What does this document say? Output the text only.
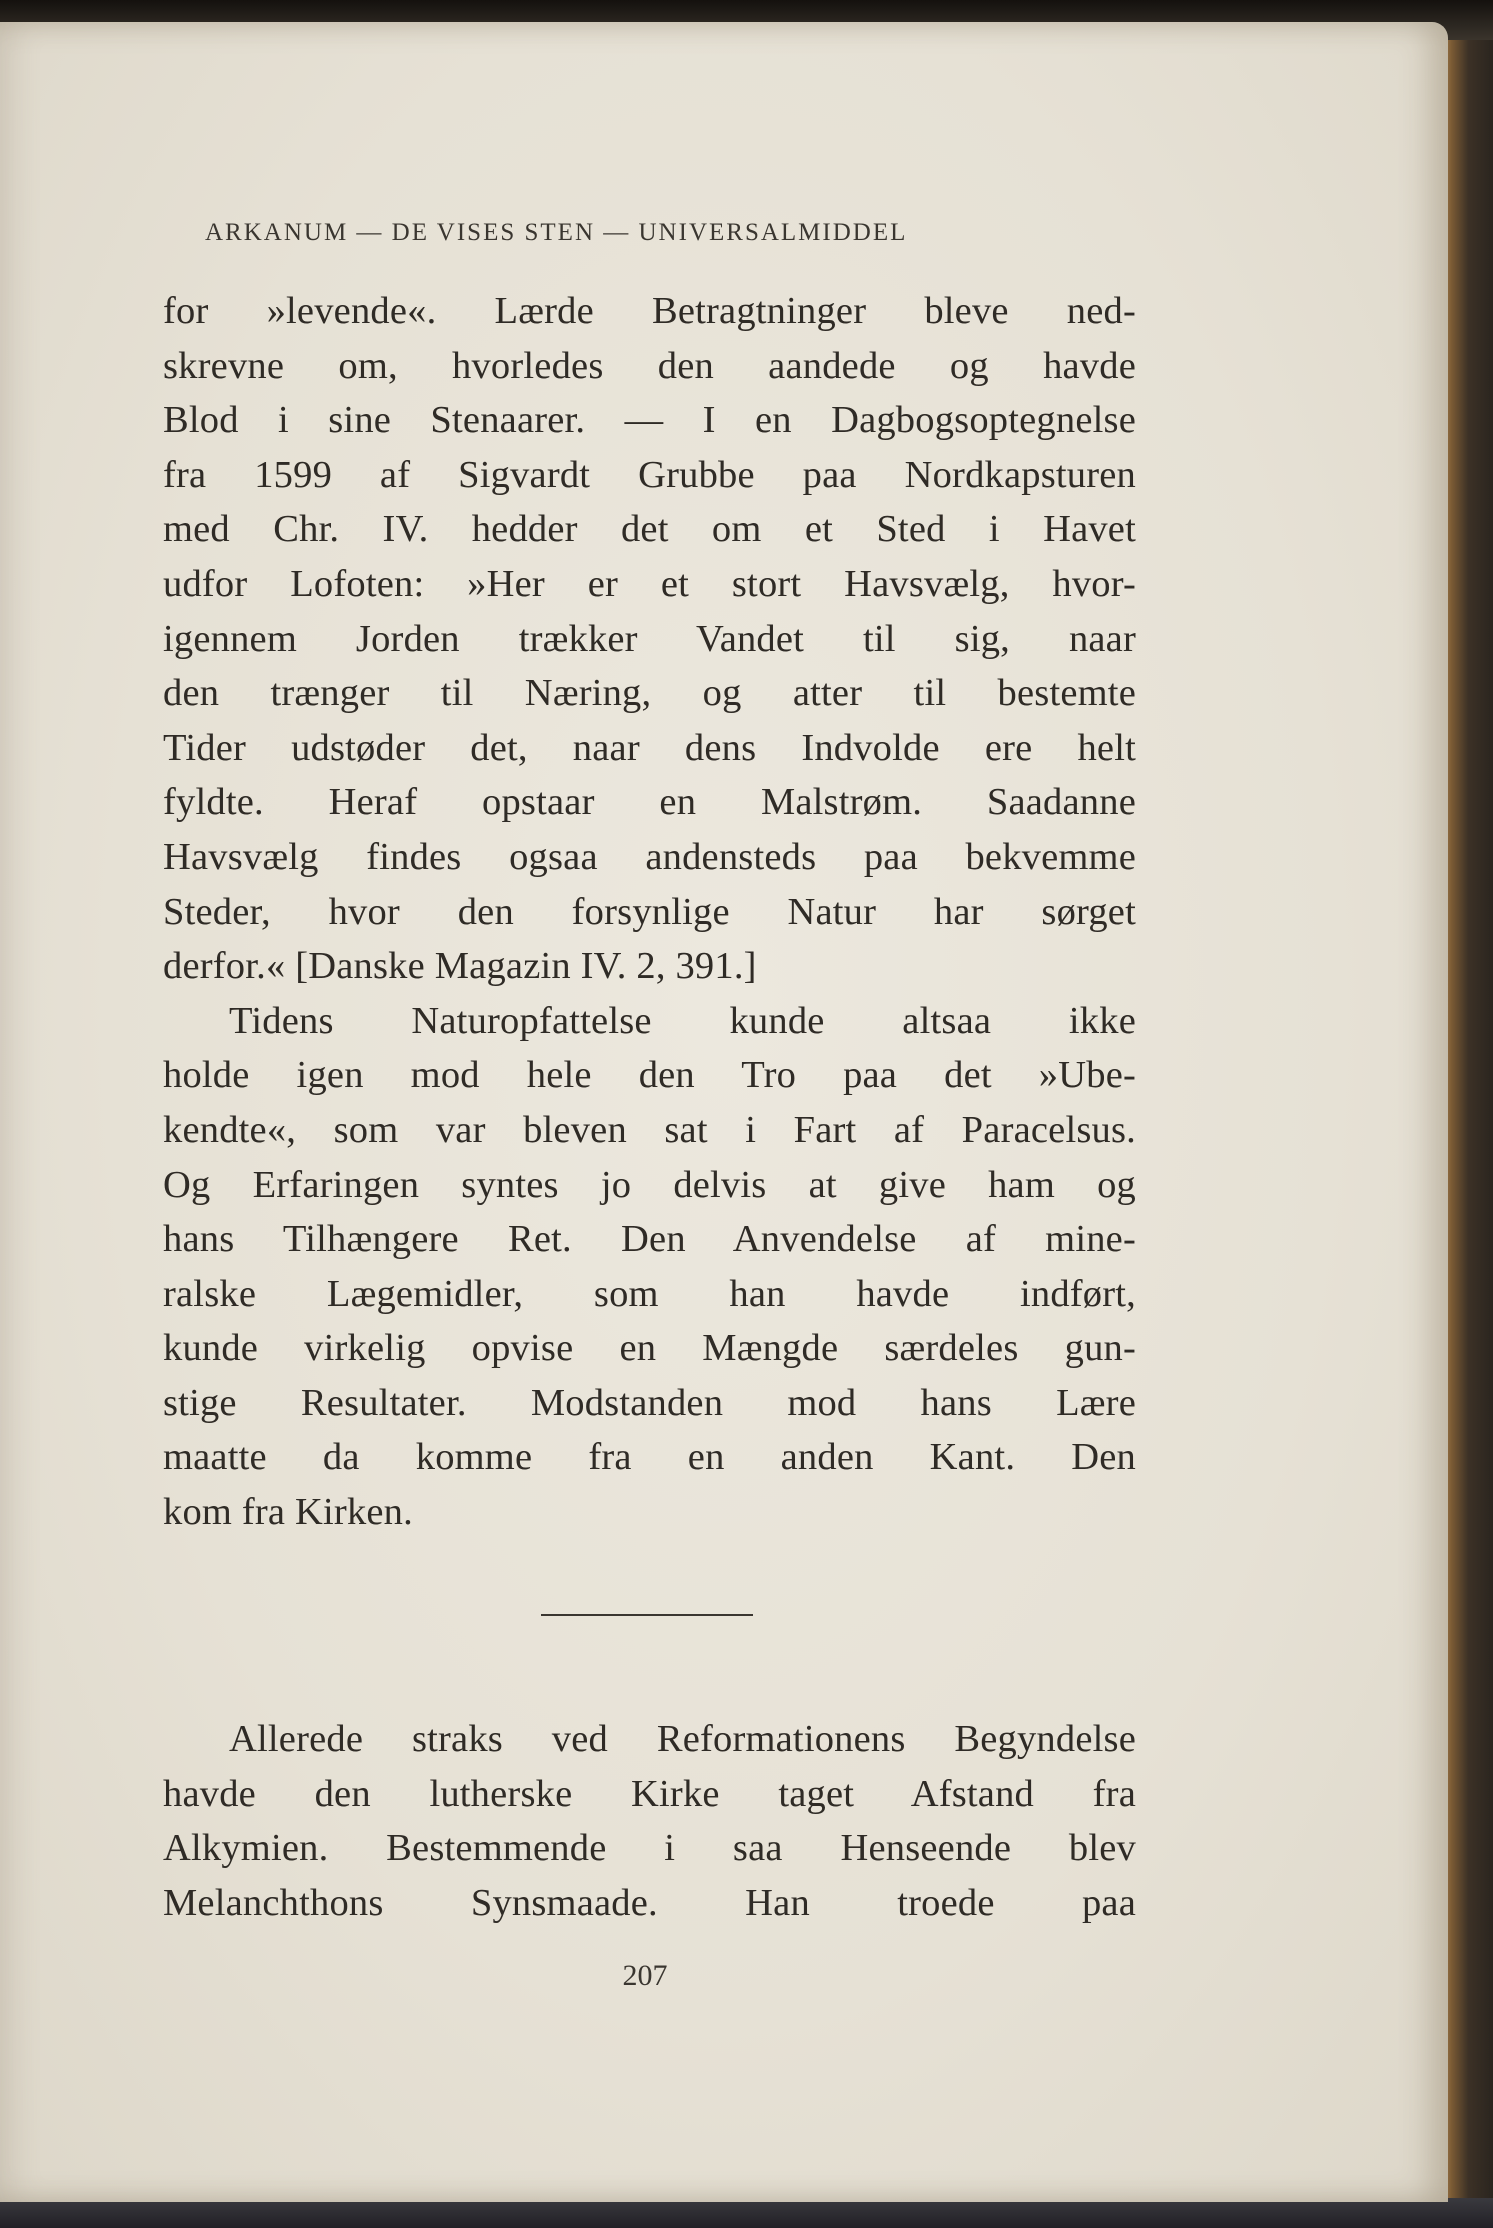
ARKANUM — DE VISES STEN — UNIVERSALMIDDEL
for »levende«. Lærde Betragtninger bleve ned-
skrevne om, hvorledes den aandede og havde
Blod i sine Stenaarer. — I en Dagbogsoptegnelse
fra 1599 af Sigvardt Grubbe paa Nordkapsturen
med Chr. IV. hedder det om et Sted i Havet
udfor Lofoten: »Her er et stort Havsvælg, hvor-
igennem Jorden trækker Vandet til sig, naar
den trænger til Næring, og atter til bestemte
Tider udstøder det, naar dens Indvolde ere helt
fyldte. Heraf opstaar en Malstrøm. Saadanne
Havsvælg findes ogsaa andensteds paa bekvemme
Steder, hvor den forsynlige Natur har sørget
derfor.« [Danske Magazin IV. 2, 391.]
Tidens Naturopfattelse kunde altsaa ikke
holde igen mod hele den Tro paa det »Ube-
kendte«, som var bleven sat i Fart af Paracelsus.
Og Erfaringen syntes jo delvis at give ham og
hans Tilhængere Ret. Den Anvendelse af mine-
ralske Lægemidler, som han havde indført,
kunde virkelig opvise en Mængde særdeles gun-
stige Resultater. Modstanden mod hans Lære
maatte da komme fra en anden Kant. Den
kom fra Kirken.
Allerede straks ved Reformationens Begyndelse
havde den lutherske Kirke taget Afstand fra
Alkymien. Bestemmende i saa Henseende blev
Melanchthons Synsmaade. Han troede paa
207
